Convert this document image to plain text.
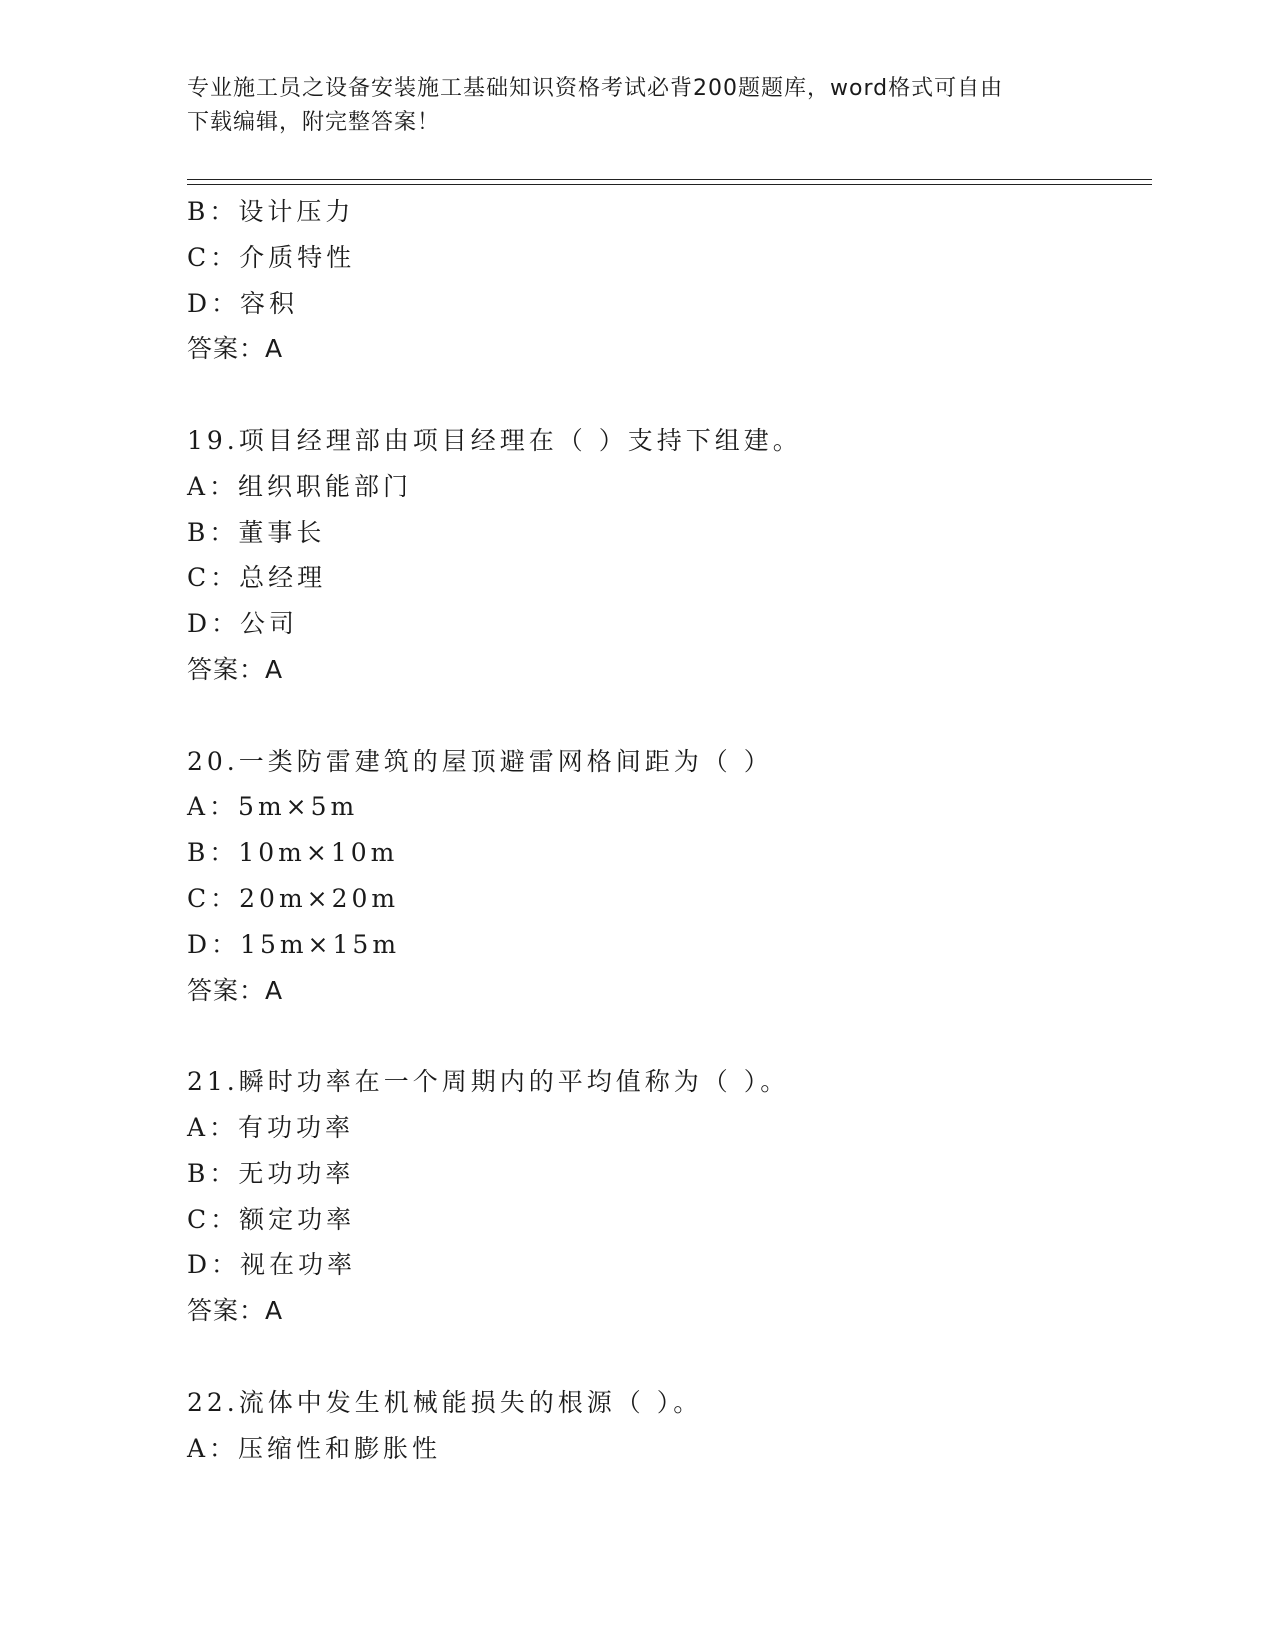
专业施工员之设备安装施工基础知识资格考试必背200题题库，word格式可自由
下载编辑，附完整答案！
B：设计压力
C：介质特性
D：容积
答案：A
19.项目经理部由项目经理在（ ）支持下组建。
A：组织职能部门
B：董事长
C：总经理
D：公司
答案：A
20.一类防雷建筑的屋顶避雷网格间距为（ ）
A：5m×5m
B：10m×10m
C：20m×20m
D：15m×15m
答案：A
21.瞬时功率在一个周期内的平均值称为（ ）。
A：有功功率
B：无功功率
C：额定功率
D：视在功率
答案：A
22.流体中发生机械能损失的根源（ ）。
A：压缩性和膨胀性
